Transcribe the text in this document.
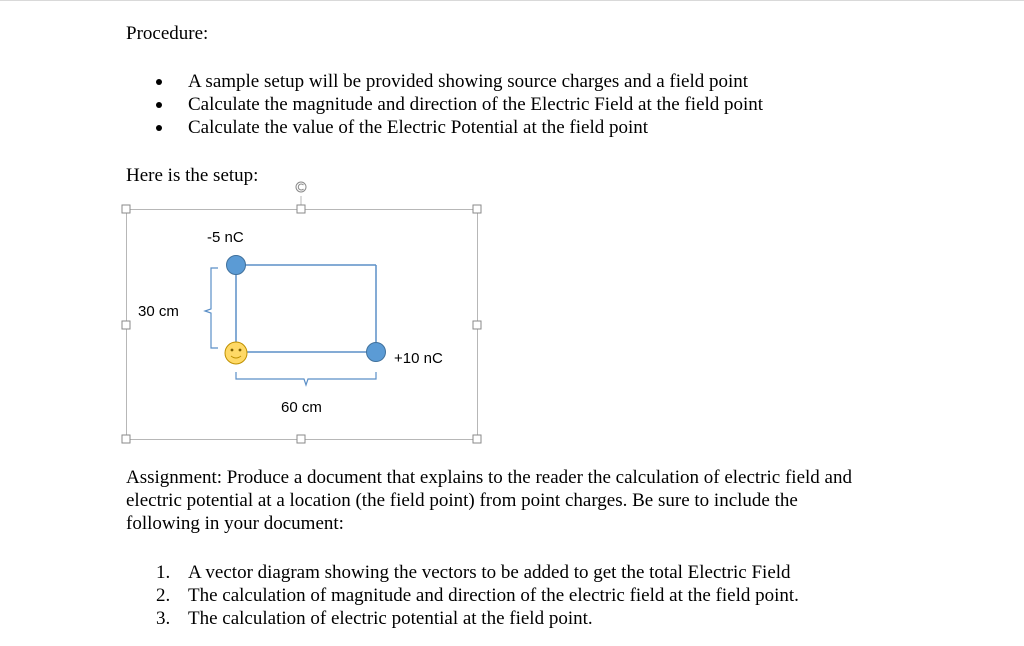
Procedure:
A sample setup will be provided showing source charges and a field point
Calculate the magnitude and direction of the Electric Field at the field point
Calculate the value of the Electric Potential at the field point
Here is the setup:
-5 nC
+10 nC
30 cm
60 cm
Assignment: Produce a document that explains to the reader the calculation of electric field and
electric potential at a location (the field point) from point charges. Be sure to include the
following in your document:
1. A vector diagram showing the vectors to be added to get the total Electric Field
2. The calculation of magnitude and direction of the electric field at the field point.
3. The calculation of electric potential at the field point.
